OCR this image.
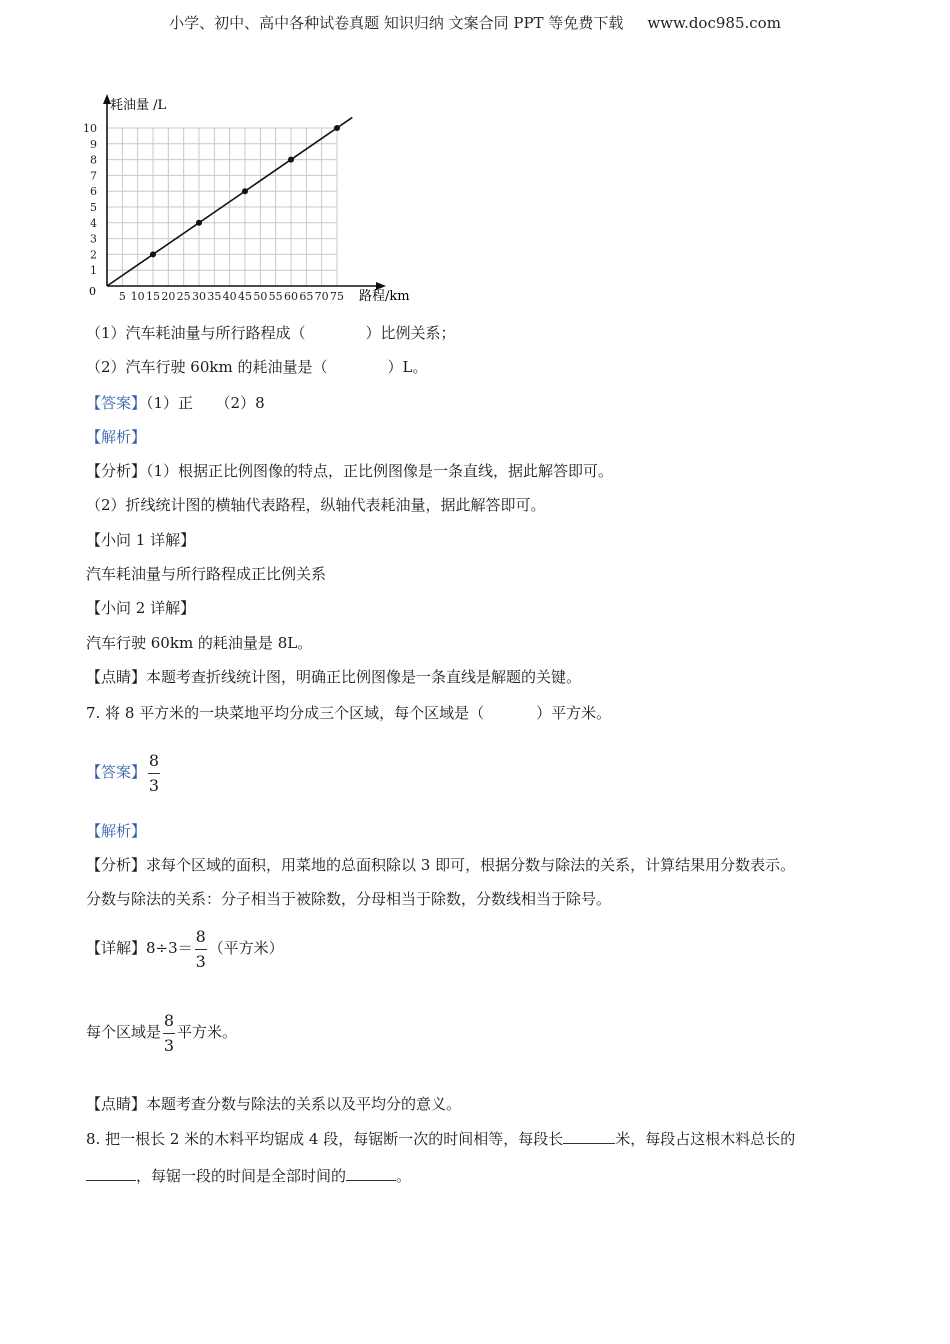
小学、初中、高中各种试卷真题 知识归纳 文案合同 PPT 等免费下载 www.doc985.com
5 10 15 20 25 30 35 40 45 50 55 60 65 70 75
1
2
3
4
5
6
7
8
9
10
耗油量 /L
路程/km
0
（1）汽车耗油量与所行路程成（	）比例关系；
（2）汽车行驶 60km 的耗油量是（	）L。
【答案】（1）正　　（2）8
【解析】
【分析】（1）根据正比例图像的特点，正比例图像是一条直线，据此解答即可。
（2）折线统计图的横轴代表路程，纵轴代表耗油量，据此解答即可。
【小问 1 详解】
汽车耗油量与所行路程成正比例关系
【小问 2 详解】
汽车行驶 60km 的耗油量是 8L。
【点睛】本题考查折线统计图，明确正比例图像是一条直线是解题的关键。
7. 将 8 平方米的一块菜地平均分成三个区域，每个区域是（	）平方米。
【答案】 $\frac{8}{3}$
【解析】
【分析】求每个区域的面积，用菜地的总面积除以 3 即可，根据分数与除法的关系，计算结果用分数表示。
分数与除法的关系：分子相当于被除数，分母相当于除数，分数线相当于除号。
【详解】$8\div 3= \frac{8}{3}$ （平方米）
每个区域是 $\frac{8}{3}$ 平方米。
【点睛】本题考查分数与除法的关系以及平均分的意义。
8. 把一根长 2 米的木料平均锯成 4 段，每锯断一次的时间相等，每段长	米，每段占这根木料总长的
，每锯一段的时间是全部时间的	。
